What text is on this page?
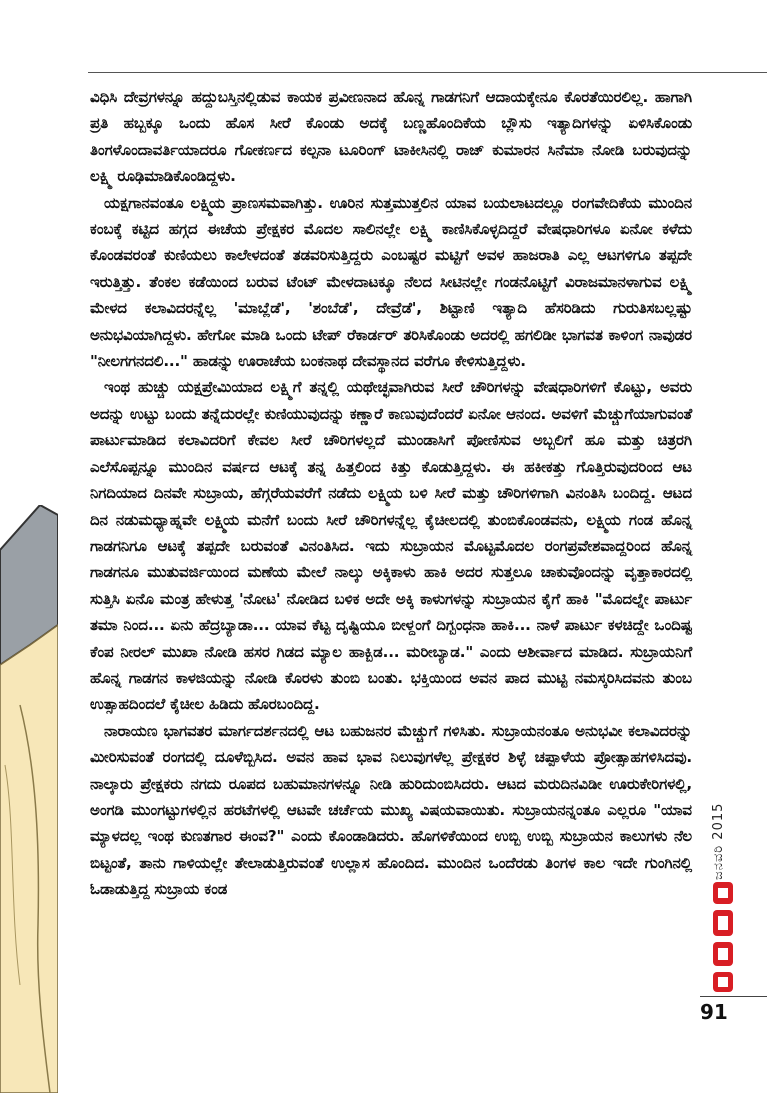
ವಿಧಿಸಿ ದೇವ್ರಗಳನ್ನೂ ಹದ್ದುಬಸ್ತಿನಲ್ಲಿಡುವ ಕಾಯಕ ಪ್ರವೀಣನಾದ ಹೊನ್ನ ಗಾಡಗನಿಗೆ ಆದಾಯಕ್ಕೇನೂ ಕೊರತೆಯಿರಲಿಲ್ಲ. ಹಾಗಾಗಿ ಪ್ರತಿ ಹಬ್ಬಕ್ಕೂ ಒಂದು ಹೊಸ ಸೀರೆ ಕೊಂಡು ಅದಕ್ಕೆ ಬಣ್ಣಹೊಂದಿಕೆಯ ಬ್ಲೌಸು ಇತ್ಯಾದಿಗಳನ್ನು ಏಳಿಸಿಕೊಂಡು ತಿಂಗಳೊಂದಾವರ್ತಿಯಾದರೂ ಗೋಕರ್ಣದ ಕಲ್ಪನಾ ಟೂರಿಂಗ್ ಟಾಕೀಸಿನಲ್ಲಿ ರಾಜ್ ಕುಮಾರನ ಸಿನೆಮಾ ನೋಡಿ ಬರುವುದನ್ನು ಲಕ್ಷ್ಮಿ ರೂಢಿಮಾಡಿಕೊಂಡಿದ್ದಳು.

ಯಕ್ಷಗಾನವಂತೂ ಲಕ್ಷ್ಮಿಯ ಪ್ರಾಣಸಮವಾಗಿತ್ತು. ಊರಿನ ಸುತ್ತಮುತ್ತಲಿನ ಯಾವ ಬಯಲಾಟದಲ್ಲೂ ರಂಗವೇದಿಕೆಯ ಮುಂದಿನ ಕಂಬಕ್ಕೆ ಕಟ್ಟಿದ ಹಗ್ಗದ ಈಚೆಯ ಪ್ರೇಕ್ಷಕರ ಮೊದಲ ಸಾಲಿನಲ್ಲೇ ಲಕ್ಷ್ಮಿ ಕಾಣಿಸಿಕೊಳ್ಳದಿದ್ದರೆ ವೇಷಧಾರಿಗಳೂ ಏನೋ ಕಳೆದು ಕೊಂಡವರಂತೆ ಕುಣಿಯಲು ಕಾಲೇಳದಂತೆ ತಡವರಿಸುತ್ತಿದ್ದರು ಎಂಬಷ್ಟರ ಮಟ್ಟಿಗೆ ಅವಳ ಹಾಜರಾತಿ ಎಲ್ಲ ಆಟಗಳಿಗೂ ತಪ್ಪದೇ ಇರುತ್ತಿತ್ತು. ತೆಂಕಲ ಕಡೆಯಿಂದ ಬರುವ ಟೆಂಟ್ ಮೇಳದಾಟಕ್ಕೂ ನೆಲದ ಸೀಟಿನಲ್ಲೇ ಗಂಡನೊಟ್ಟಿಗೆ ವಿರಾಜಮಾನಳಾಗುವ ಲಕ್ಷ್ಮಿ ಮೇಳದ ಕಲಾವಿದರನ್ನೆಲ್ಲ 'ಮಾಬ್ಲೆಡೆ', 'ಶಂಬೆಡೆ', ದೇವ್ರೆಡೆ', ಶಿಟ್ಟಾಣಿ ಇತ್ಯಾದಿ ಹೆಸರಿಡಿದು ಗುರುತಿಸಬಲ್ಲಷ್ಟು ಅನುಭವಿಯಾಗಿದ್ದಳು. ಹೇಗೋ ಮಾಡಿ ಒಂದು ಟೇಪ್ ರೆಕಾರ್ಡರ್ ತರಿಸಿಕೊಂಡು ಅದರಲ್ಲಿ ಹಗಲಿಡೀ ಭಾಗವತ ಕಾಳಿಂಗ ನಾವುಡರ "ನೀಲಗಗನದಲಿ..." ಹಾಡನ್ನು ಊರಾಚೆಯ ಬಂಕನಾಥ ದೇವಸ್ಥಾನದ ವರೆಗೂ ಕೇಳಿಸುತ್ತಿದ್ದಳು.

ಇಂಥ ಹುಚ್ಚು ಯಕ್ಷಪ್ರೇಮಿಯಾದ ಲಕ್ಷ್ಮಿಗೆ ತನ್ನಲ್ಲಿ ಯಥೇಚ್ಛವಾಗಿರುವ ಸೀರೆ ಚೌರಿಗಳನ್ನು ವೇಷಧಾರಿಗಳಿಗೆ ಕೊಟ್ಟು, ಅವರು ಅದನ್ನು ಉಟ್ಟು ಬಂದು ತನ್ನೆದುರಲ್ಲೇ ಕುಣಿಯುವುದನ್ನು ಕಣ್ಣಾರೆ ಕಾಣುವುದೆಂದರೆ ಏನೋ ಆನಂದ. ಅವಳಿಗೆ ಮೆಚ್ಚುಗೆಯಾಗುವಂತೆ ಪಾರ್ಟುಮಾಡಿದ ಕಲಾವಿದರಿಗೆ ಕೇವಲ ಸೀರೆ ಚೌರಿಗಳಲ್ಲದೆ ಮುಂಡಾಸಿಗೆ ಪೋಣಿಸುವ ಅಬ್ಬಲಿಗೆ ಹೂ ಮತ್ತು ಚಿತ್ರರಗಿ ಎಲೆಸೊಪ್ಪನ್ನೂ ಮುಂದಿನ ವರ್ಷದ ಆಟಕ್ಕೆ ತನ್ನ ಹಿತ್ತಲಿಂದ ಕಿತ್ತು ಕೊಡುತ್ತಿದ್ದಳು. ಈ ಹಕೀಕತ್ತು ಗೊತ್ತಿರುವುದರಿಂದ ಆಟ ನಿಗದಿಯಾದ ದಿನವೇ ಸುಬ್ರಾಯ, ಹೆಗ್ಗರೆಯವರೆಗೆ ನಡೆದು ಲಕ್ಷ್ಮಿಯ ಬಳಿ ಸೀರೆ ಮತ್ತು ಚೌರಿಗಳಿಗಾಗಿ ವಿನಂತಿಸಿ ಬಂದಿದ್ದ. ಆಟದ ದಿನ ನಡುಮಧ್ಯಾಹ್ನವೇ ಲಕ್ಷ್ಮಿಯ ಮನೆಗೆ ಬಂದು ಸೀರೆ ಚೌರಿಗಳನ್ನೆಲ್ಲ ಕೈಚೀಲದಲ್ಲಿ ತುಂಬಿಕೊಂಡವನು, ಲಕ್ಷ್ಮಿಯ ಗಂಡ ಹೊನ್ನ ಗಾಡಗನಿಗೂ ಆಟಕ್ಕೆ ತಪ್ಪದೇ ಬರುವಂತೆ ವಿನಂತಿಸಿದ. ಇದು ಸುಬ್ರಾಯನ ಮೊಟ್ಟಮೊದಲ ರಂಗಪ್ರವೇಶವಾದ್ದರಿಂದ ಹೊನ್ನ ಗಾಡಗನೂ ಮುತುವರ್ಜಿಯಿಂದ ಮಣೆಯ ಮೇಲೆ ನಾಲ್ಕು ಅಕ್ಕಿಕಾಳು ಹಾಕಿ ಅದರ ಸುತ್ತಲೂ ಚಾಕುವೊಂದನ್ನು ವೃತ್ತಾಕಾರದಲ್ಲಿ ಸುತ್ತಿಸಿ ಏನೊ ಮಂತ್ರ ಹೇಳುತ್ತ 'ನೋಟ' ನೋಡಿದ ಬಳಿಕ ಅದೇ ಅಕ್ಕಿ ಕಾಳುಗಳನ್ನು ಸುಬ್ರಾಯನ ಕೈಗೆ ಹಾಕಿ "ಮೊದಲ್ನೇ ಪಾರ್ಟು ತಮಾ ನಿಂದ... ಏನು ಹೆದ್ರಬ್ಯಾಡಾ... ಯಾವ ಕೆಟ್ಟ ದೃಷ್ಟಿಯೂ ಬೀಳ್ದಂಗೆ ದಿಗ್ಬಂಧನಾ ಹಾಕಿ... ನಾಳೆ ಪಾರ್ಟು ಕಳಚಿದ್ದೇ ಒಂದಿಷ್ಟ ಕೆಂಪ ನೀರಲ್ ಮುಖಾ ನೋಡಿ ಹಸರ ಗಿಡದ ಮ್ಯಾಲ ಹಾಕ್ಬಿಡ... ಮರೀಬ್ಯಾಡ." ಎಂದು ಆಶೀರ್ವಾದ ಮಾಡಿದ. ಸುಬ್ರಾಯನಿಗೆ ಹೊನ್ನ ಗಾಡಗನ ಕಾಳಜಿಯನ್ನು ನೋಡಿ ಕೊರಳು ತುಂಬಿ ಬಂತು. ಭಕ್ತಿಯಿಂದ ಅವನ ಪಾದ ಮುಟ್ಟಿ ನಮಸ್ಕರಿಸಿದವನು ತುಂಬ ಉತ್ಸಾಹದಿಂದಲೆ ಕೈಚೀಲ ಹಿಡಿದು ಹೊರಬಂದಿದ್ದ.

ನಾರಾಯಣ ಭಾಗವತರ ಮಾರ್ಗದರ್ಶನದಲ್ಲಿ ಆಟ ಬಹುಜನರ ಮೆಚ್ಚುಗೆ ಗಳಿಸಿತು. ಸುಬ್ರಾಯನಂತೂ ಅನುಭವೀ ಕಲಾವಿದರನ್ನು ಮೀರಿಸುವಂತೆ ರಂಗದಲ್ಲಿ ದೂಳೆಬ್ಬಿಸಿದ. ಅವನ ಹಾವ ಭಾವ ನಿಲುವುಗಳೆಲ್ಲ ಪ್ರೇಕ್ಷಕರ ಶಿಳ್ಳೆ ಚಪ್ಪಾಳೆಯ ಪ್ರೋತ್ಸಾಹಗಳಿಸಿದವು. ನಾಲ್ಕಾರು ಪ್ರೇಕ್ಷಕರು ನಗದು ರೂಪದ ಬಹುಮಾನಗಳನ್ನೂ ನೀಡಿ ಹುರಿದುಂಬಿಸಿದರು. ಆಟದ ಮರುದಿನವಿಡೀ ಊರುಕೇರಿಗಳಲ್ಲಿ, ಅಂಗಡಿ ಮುಂಗಟ್ಟುಗಳಲ್ಲಿನ ಹರಟೆಗಳಲ್ಲಿ ಆಟವೇ ಚರ್ಚೆಯ ಮುಖ್ಯ ವಿಷಯವಾಯಿತು. ಸುಬ್ರಾಯನನ್ನಂತೂ ಎಲ್ಲರೂ "ಯಾವ ಮ್ಯಾಳದಲ್ಲ ಇಂಥ ಕುಣತಗಾರ ಈಂವ?" ಎಂದು ಕೊಂಡಾಡಿದರು. ಹೊಗಳಿಕೆಯಿಂದ ಉಬ್ಬಿ ಉಬ್ಬಿ ಸುಬ್ರಾಯನ ಕಾಲುಗಳು ನೆಲ ಬಿಟ್ಟಂತೆ, ತಾನು ಗಾಳಿಯಲ್ಲೇ ತೇಲಾಡುತ್ತಿರುವಂತೆ ಉಲ್ಲಾಸ ಹೊಂದಿದ. ಮುಂದಿನ ಒಂದೆರಡು ತಿಂಗಳ ಕಾಲ ಇದೇ ಗುಂಗಿನಲ್ಲಿ ಓಡಾಡುತ್ತಿದ್ದ ಸುಬ್ರಾಯ ಕಂಡ

ಜನವರಿ 2015
91
